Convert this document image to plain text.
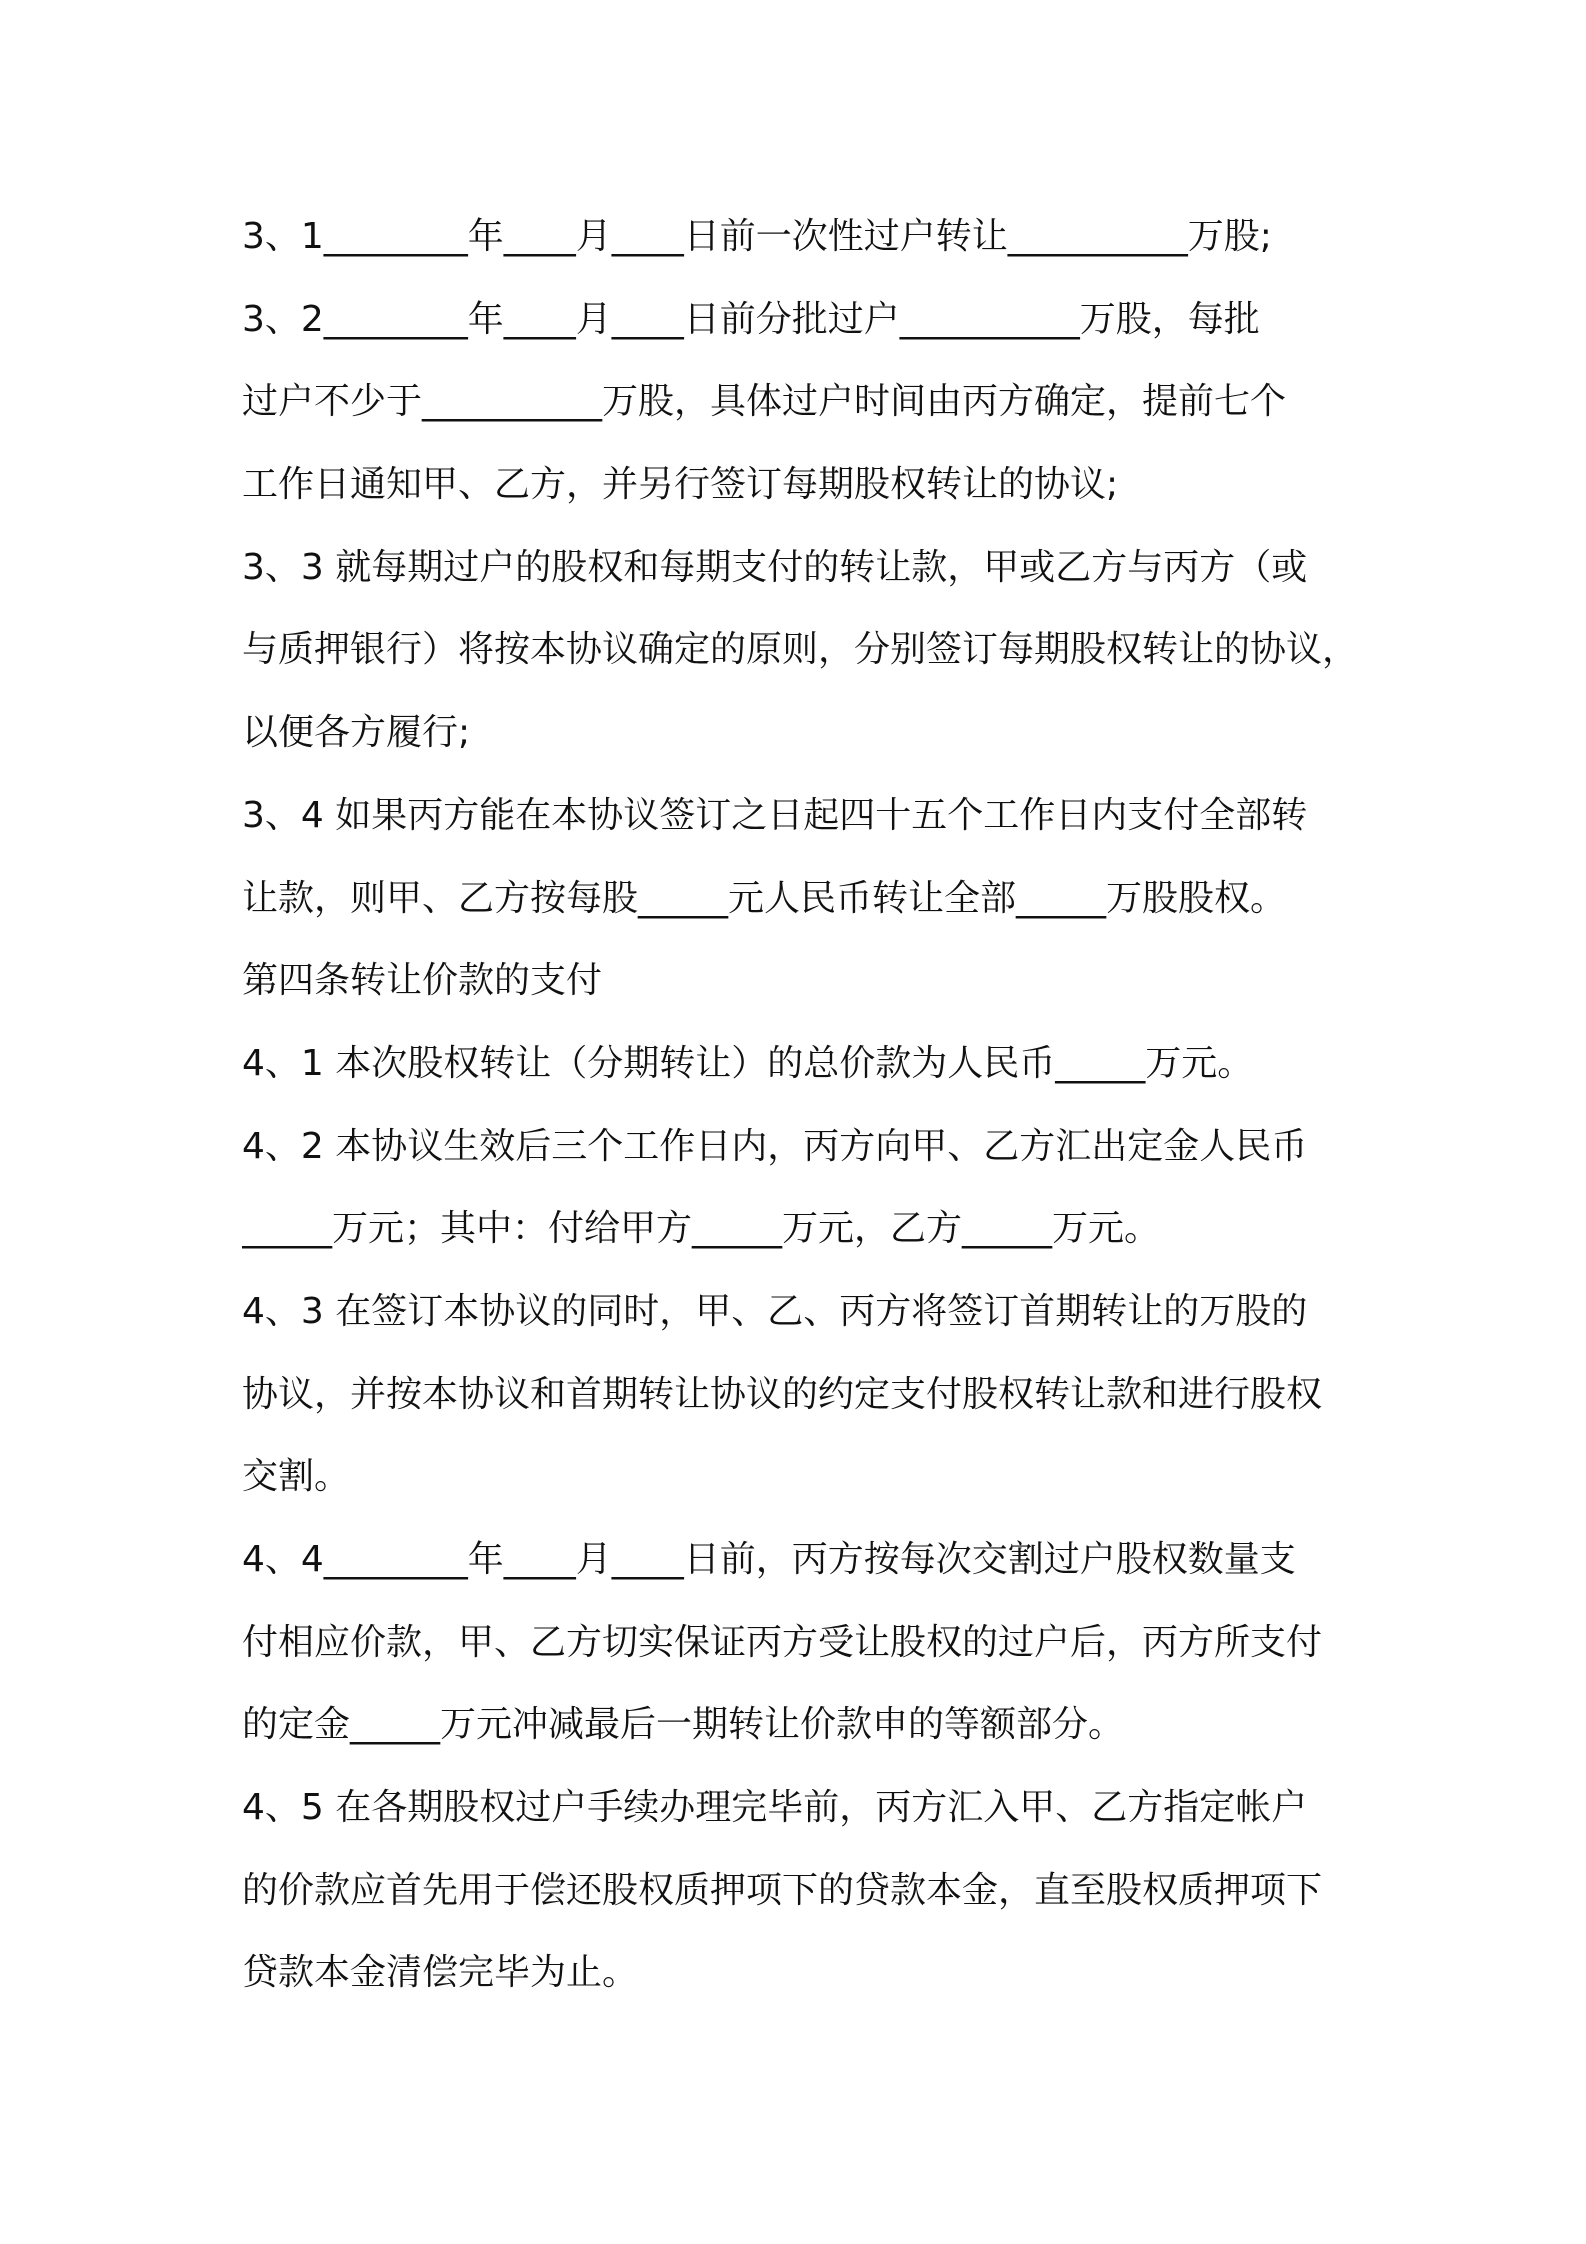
3、1________年____月____日前一次性过户转让__________万股;
3、2________年____月____日前分批过户__________万股，每批
过户不少于__________万股，具体过户时间由丙方确定，提前七个
工作日通知甲、乙方，并另行签订每期股权转让的协议;
3、3 就每期过户的股权和每期支付的转让款，甲或乙方与丙方（或
与质押银行）将按本协议确定的原则，分别签订每期股权转让的协议，
以便各方履行;
3、4 如果丙方能在本协议签订之日起四十五个工作日内支付全部转
让款，则甲、乙方按每股_____元人民币转让全部_____万股股权。
第四条转让价款的支付
4、1 本次股权转让（分期转让）的总价款为人民币_____万元。
4、2 本协议生效后三个工作日内，丙方向甲、乙方汇出定金人民币
_____万元；其中：付给甲方_____万元，乙方_____万元。
4、3 在签订本协议的同时，甲、乙、丙方将签订首期转让的万股的
协议，并按本协议和首期转让协议的约定支付股权转让款和进行股权
交割。
4、4________年____月____日前，丙方按每次交割过户股权数量支
付相应价款，甲、乙方切实保证丙方受让股权的过户后，丙方所支付
的定金_____万元冲减最后一期转让价款申的等额部分。
4、5 在各期股权过户手续办理完毕前，丙方汇入甲、乙方指定帐户
的价款应首先用于偿还股权质押项下的贷款本金，直至股权质押项下
贷款本金清偿完毕为止。
